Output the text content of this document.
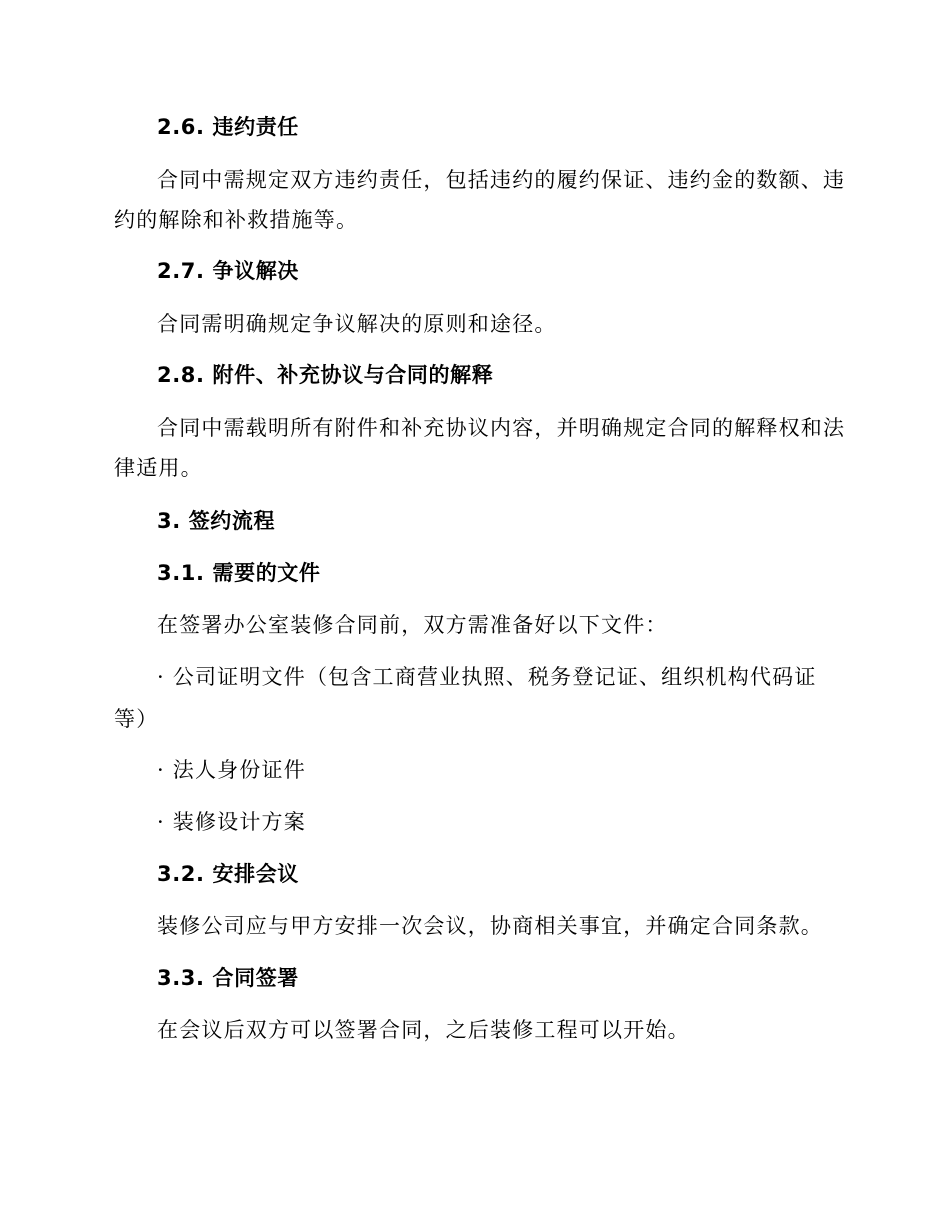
2.6. 违约责任
合同中需规定双方违约责任，包括违约的履约保证、违约金的数额、违
约的解除和补救措施等。
2.7. 争议解决
合同需明确规定争议解决的原则和途径。
2.8. 附件、补充协议与合同的解释
合同中需载明所有附件和补充协议内容，并明确规定合同的解释权和法
律适用。
3. 签约流程
3.1. 需要的文件
在签署办公室装修合同前，双方需准备好以下文件：
· 公司证明文件（包含工商营业执照、税务登记证、组织机构代码证
等）
· 法人身份证件
· 装修设计方案
3.2. 安排会议
装修公司应与甲方安排一次会议，协商相关事宜，并确定合同条款。
3.3. 合同签署
在会议后双方可以签署合同，之后装修工程可以开始。
